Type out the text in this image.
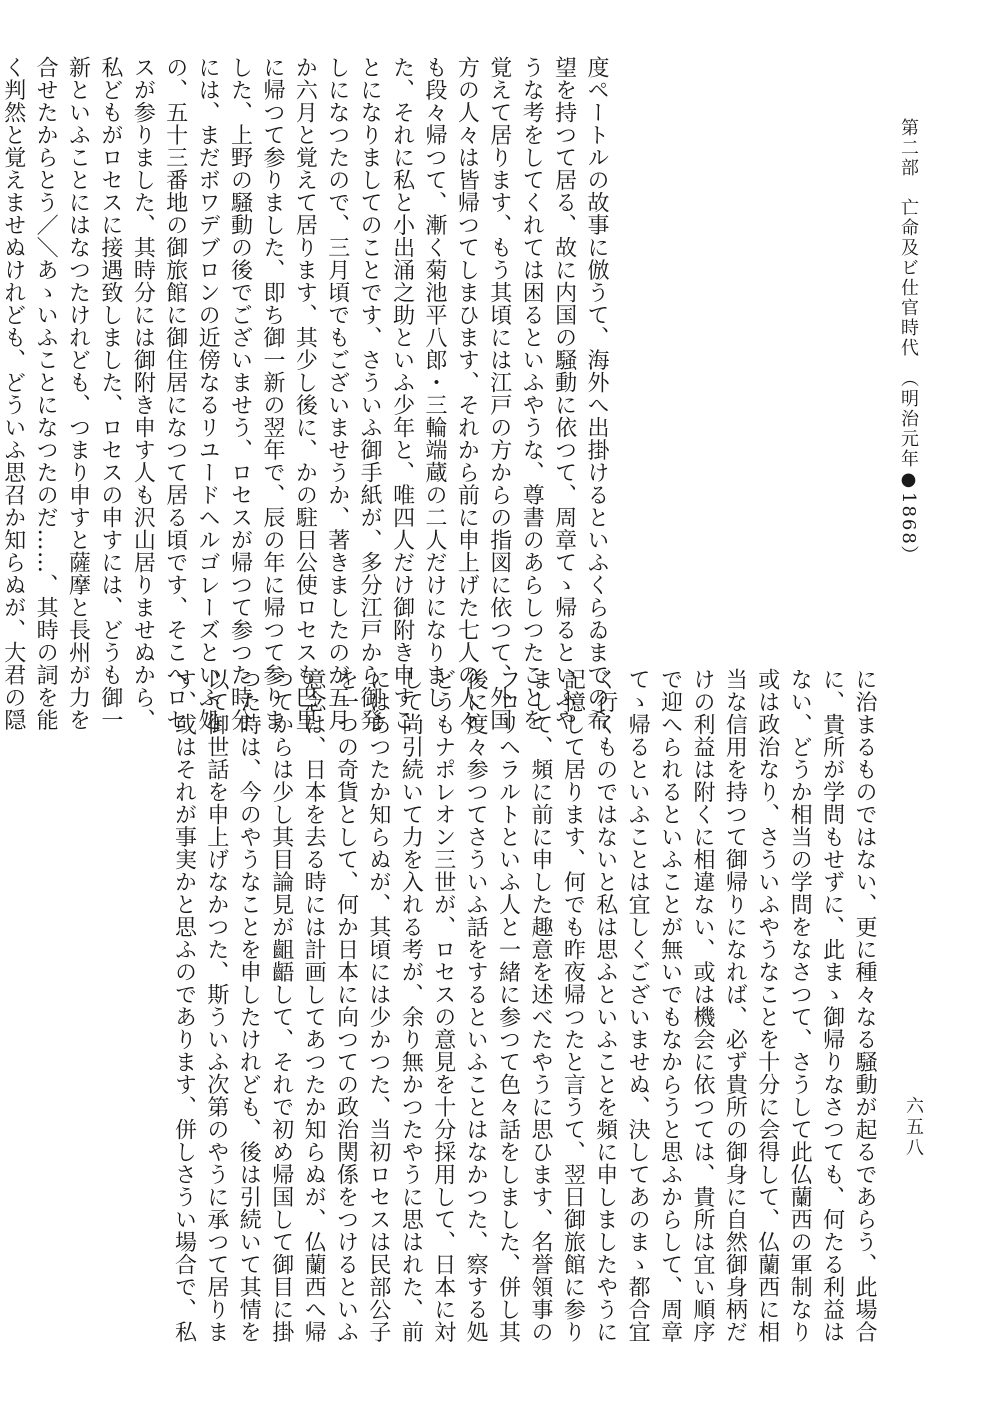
第二部　亡命及ビ仕官時代　（明治元年●1868）
六五八
度ペートルの故事に倣うて、海外へ出掛けるといふくらゐまでの希
望を持つて居る、故に内国の騒動に依つて、周章てゝ帰るといふや
うな考をしてくれては困るといふやうな、尊書のあらしつたことを
覚えて居ります、もう其頃には江戸の方からの指図に依つて、外国
方の人々は皆帰つてしまひます、それから前に申上げた七人の人々
も段々帰つて、漸く菊池平八郎・三輪端蔵の二人だけになりまし
た、それに私と小出涌之助といふ少年と、唯四人だけ御附き申すこ
とになりましてのことです、さういふ御手紙が、多分江戸から御発
しになつたので、三月頃でもございませうか、著きましたのが五月
か六月と覚えて居ります、其少し後に、かの駐日公使ロセスも巴里
に帰つて参りました、即ち御一新の翌年で、辰の年に帰つて参りま
した、上野の騒動の後でございませう、ロセスが帰つて参つた時分
には、まだボワデブロンの近傍なるリユードヘルゴレーズといふ処
の、五十三番地の御旅館に御住居になつて居る頃です、そこへロセ
スが参りました、其時分には御附き申す人も沢山居りませぬから、
私どもがロセスに接遇致しました、ロセスの申すには、どうも御一
新といふことにはなつたけれども、つまり申すと薩摩と長州が力を
合せたからとう／＼あゝいふことになつたのだ……、其時の詞を能
く判然と覚えませぬけれども、どういふ思召か知らぬが、大君の隠
に治まるものではない、更に種々なる騒動が起るであらう、此場合
に、貴所が学問もせずに、此まゝ御帰りなさつても、何たる利益は
ない、どうか相当の学問をなさつて、さうして此仏蘭西の軍制なり
或は政治なり、さういふやうなことを十分に会得して、仏蘭西に相
当な信用を持つて御帰りになれば、必ず貴所の御身に自然御身柄だ
けの利益は附くに相違ない、或は機会に依つては、貴所は宜い順序
で迎へられるといふことが無いでもなからうと思ふからして、周章
てゝ帰るといふことは宜しくございませぬ、決してあのまゝ都合宜
く行くものではないと私は思ふといふことを頻に申しましたやうに
記憶して居ります、何でも昨夜帰つたと言うて、翌日御旅館に参り
まして、頻に前に申した趣意を述べたやうに思ひます、名誉領事の
フロリヘラルトといふ人と一緒に参つて色々話をしました、併し其
後に度々参つてさういふ話をするといふことはなかつた、察する処
どうもナポレオン三世が、ロセスの意見を十分採用して、日本に対
して尚引続いて力を入れる考が、余り無かつたやうに思はれた、前
にはあつたか知らぬが、其頃には少かつた、当初ロセスは民部公子
を一つの奇貨として、何か日本に向つての政治関係をつけるといふ
意念は、日本を去る時には計画してあつたか知らぬが、仏蘭西へ帰
つてからは少し其目論見が齟齬して、それで初め帰国して御目に掛
つた時は、今のやうなことを申したけれども、後は引続いて其情を
以て御世話を申上げなかつた、斯ういふ次第のやうに承つて居りま
す、或はそれが事実かと思ふのであります、併しさうい場合で、私
